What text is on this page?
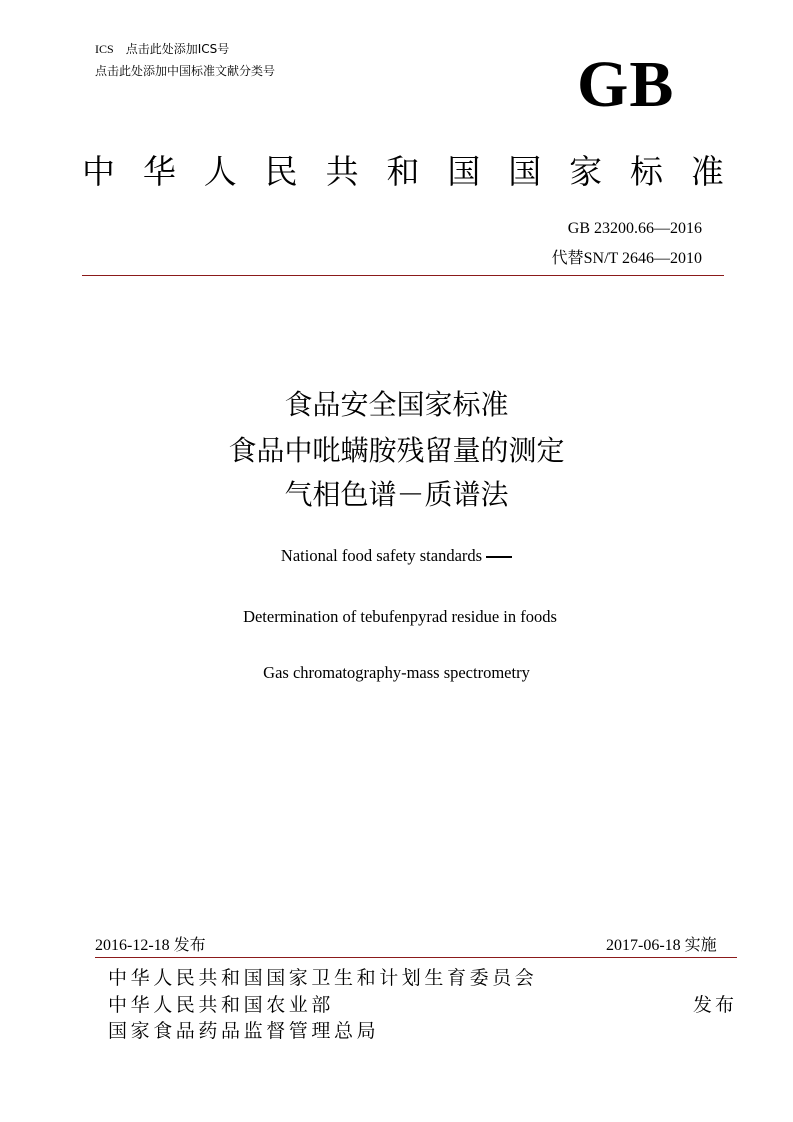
ICS 点击此处添加ICS号
点击此处添加中国标准文献分类号	GB
中 华 人 民 共 和 国 国 家 标 准
GB 23200.66—2016
代替SN/T 2646—2010
食品安全国家标准
食品中吡螨胺残留量的测定
气相色谱－质谱法
National food safety standards
Determination of tebufenpyrad residue in foods
Gas chromatography-mass spectrometry
2016-12-18 发布	2017-06-18 实施
中华人民共和国国家卫生和计划生育委员会
中华人民共和国农业部
国家食品药品监督管理总局
发布
